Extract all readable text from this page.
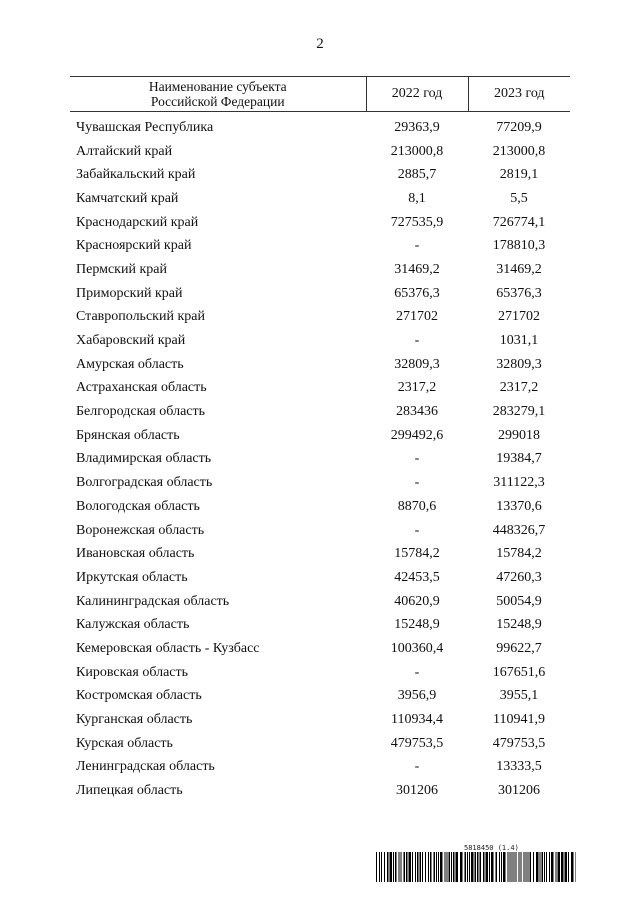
2
Наименование субъекта
Российской Федерации	2022 год	2023 год
Чувашская Республика	29363,9	77209,9
Алтайский край	213000,8	213000,8
Забайкальский край	2885,7	2819,1
Камчатский край	8,1	5,5
Краснодарский край	727535,9	726774,1
Красноярский край	-	178810,3
Пермский край	31469,2	31469,2
Приморский край	65376,3	65376,3
Ставропольский край	271702	271702
Хабаровский край	-	1031,1
Амурская область	32809,3	32809,3
Астраханская область	2317,2	2317,2
Белгородская область	283436	283279,1
Брянская область	299492,6	299018
Владимирская область	-	19384,7
Волгоградская область	-	311122,3
Вологодская область	8870,6	13370,6
Воронежская область	-	448326,7
Ивановская область	15784,2	15784,2
Иркутская область	42453,5	47260,3
Калининградская область	40620,9	50054,9
Калужская область	15248,9	15248,9
Кемеровская область - Кузбасс	100360,4	99622,7
Кировская область	-	167651,6
Костромская область	3956,9	3955,1
Курганская область	110934,4	110941,9
Курская область	479753,5	479753,5
Ленинградская область	-	13333,5
Липецкая область	301206	301206
5818450 (1.4)
